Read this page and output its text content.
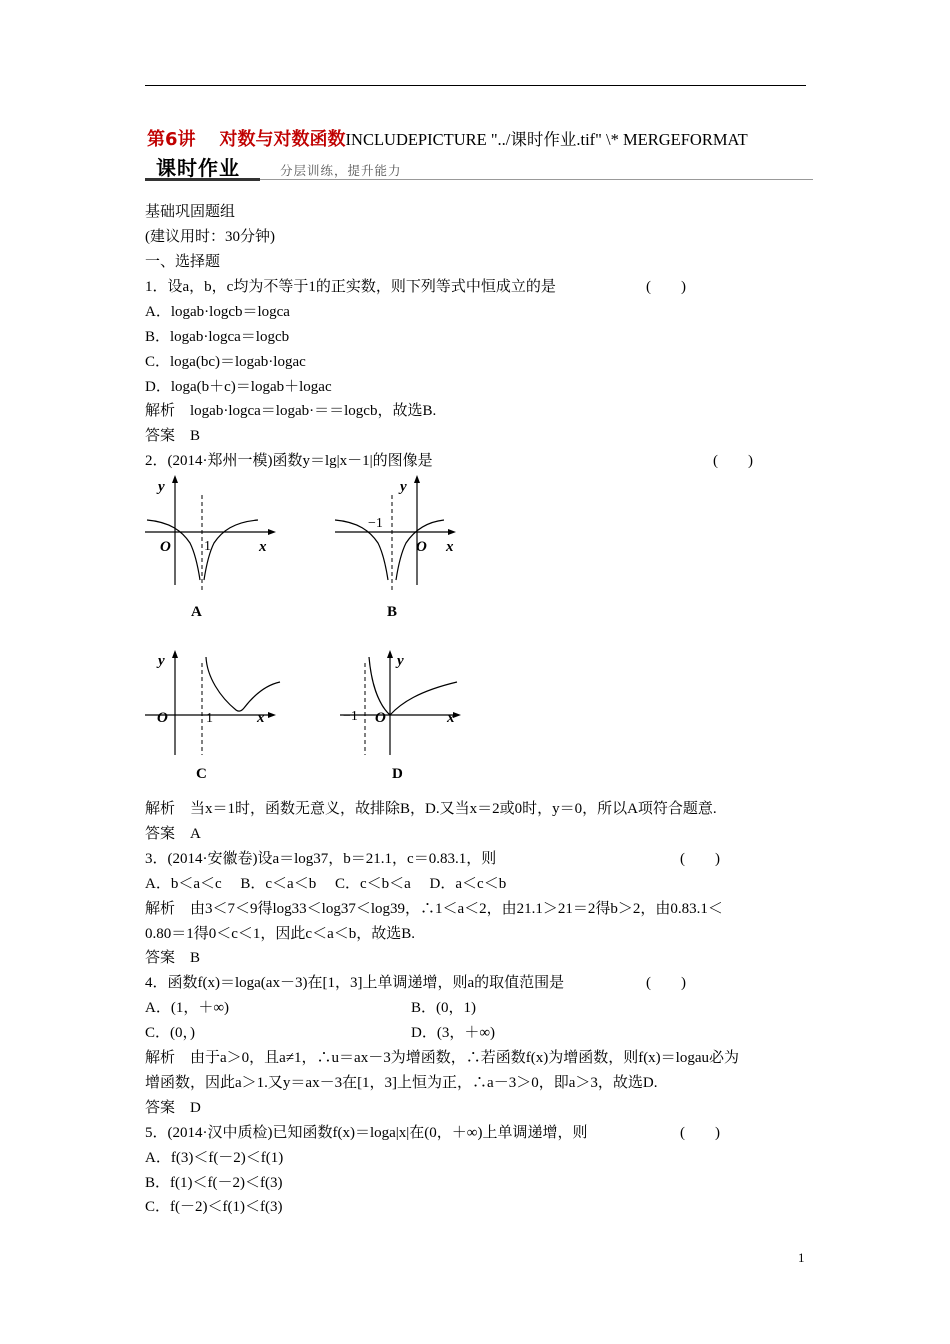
第6讲 对数与对数函数INCLUDEPICTURE "../课时作业.tif" \* MERGEFORMAT
课时作业	分层训练，提升能力
基础巩固题组
(建议用时：30分钟)
一、选择题
1．设a，b，c均为不等于1的正实数，则下列等式中恒成立的是	(　　)
A．logab·logcb＝logca
B．logab·logca＝logcb
C．loga(bc)＝logab·logac
D．loga(b＋c)＝logab＋logac
解析　logab·logca＝logab·＝＝logcb，故选B.
答案　B
2．(2014·郑州一模)函数y＝lg|x－1|的图像是	(　　)
y
x
O 1
A
y
x
O
−1
B
y
x
O	1
C
y
x
O
−1
D
解析　当x＝1时，函数无意义，故排除B，D.又当x＝2或0时，y＝0，所以A项符合题意.
答案　A
3．(2014·安徽卷)设a＝log37，b＝21.1，c＝0.83.1，则	(　　)
A．b＜a＜c　 B．c＜a＜b　 C．c＜b＜a　 D．a＜c＜b
解析　由3＜7＜9得log33＜log37＜log39，∴1＜a＜2，由21.1＞21＝2得b＞2，由0.83.1＜
0.80＝1得0＜c＜1，因此c＜a＜b，故选B.
答案　B
4．函数f(x)＝loga(ax－3)在[1，3]上单调递增，则a的取值范围是	(　　)
A．(1，＋∞)	B．(0，1)
C．(0，)	D．(3，＋∞)
解析　由于a＞0，且a≠1，∴u＝ax－3为增函数，∴若函数f(x)为增函数，则f(x)＝logau必为
增函数，因此a＞1.又y＝ax－3在[1，3]上恒为正，∴a－3＞0，即a＞3，故选D.
答案　D
5．(2014·汉中质检)已知函数f(x)＝loga|x|在(0，＋∞)上单调递增，则	(　　)
A．f(3)＜f(－2)＜f(1)
B．f(1)＜f(－2)＜f(3)
C．f(－2)＜f(1)＜f(3)
1
